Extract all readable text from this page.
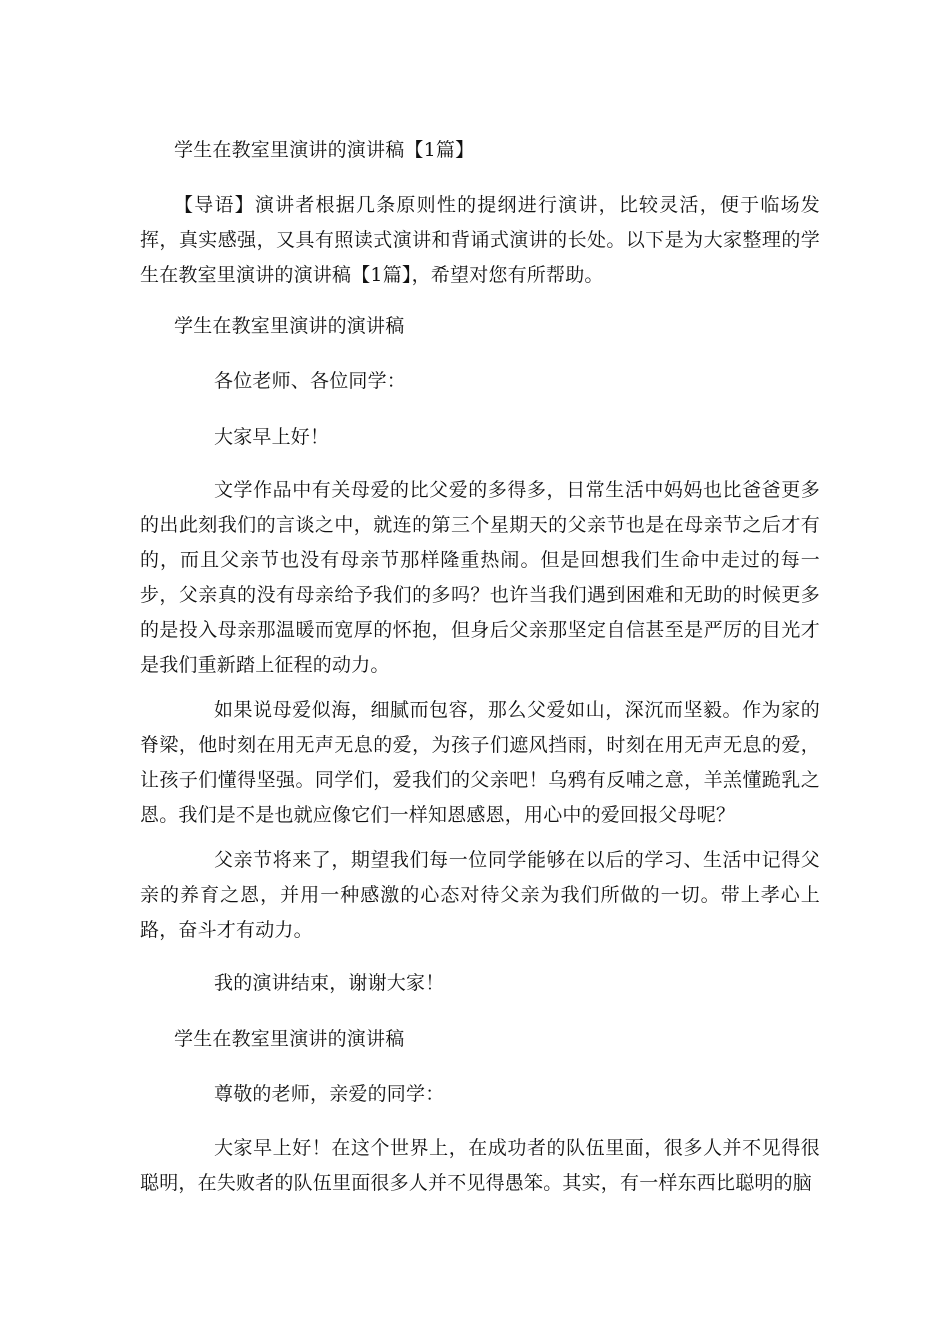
学生在教室里演讲的演讲稿【1篇】
【导语】演讲者根据几条原则性的提纲进行演讲，比较灵活，便于临场发挥，真实感强，又具有照读式演讲和背诵式演讲的长处。以下是为大家整理的学生在教室里演讲的演讲稿【1篇】，希望对您有所帮助。
学生在教室里演讲的演讲稿
各位老师、各位同学：
大家早上好！
文学作品中有关母爱的比父爱的多得多，日常生活中妈妈也比爸爸更多的出此刻我们的言谈之中，就连的第三个星期天的父亲节也是在母亲节之后才有的，而且父亲节也没有母亲节那样隆重热闹。但是回想我们生命中走过的每一步，父亲真的没有母亲给予我们的多吗？也许当我们遇到困难和无助的时候更多的是投入母亲那温暖而宽厚的怀抱，但身后父亲那坚定自信甚至是严厉的目光才是我们重新踏上征程的动力。
如果说母爱似海，细腻而包容，那么父爱如山，深沉而坚毅。作为家的脊梁，他时刻在用无声无息的爱，为孩子们遮风挡雨，时刻在用无声无息的爱，让孩子们懂得坚强。同学们，爱我们的父亲吧！乌鸦有反哺之意，羊羔懂跪乳之恩。我们是不是也就应像它们一样知恩感恩，用心中的爱回报父母呢？
父亲节将来了，期望我们每一位同学能够在以后的学习、生活中记得父亲的养育之恩，并用一种感激的心态对待父亲为我们所做的一切。带上孝心上路，奋斗才有动力。
我的演讲结束，谢谢大家！
学生在教室里演讲的演讲稿
尊敬的老师，亲爱的同学：
大家早上好！在这个世界上，在成功者的队伍里面，很多人并不见得很聪明，在失败者的队伍里面很多人并不见得愚笨。其实，有一样东西比聪明的脑
